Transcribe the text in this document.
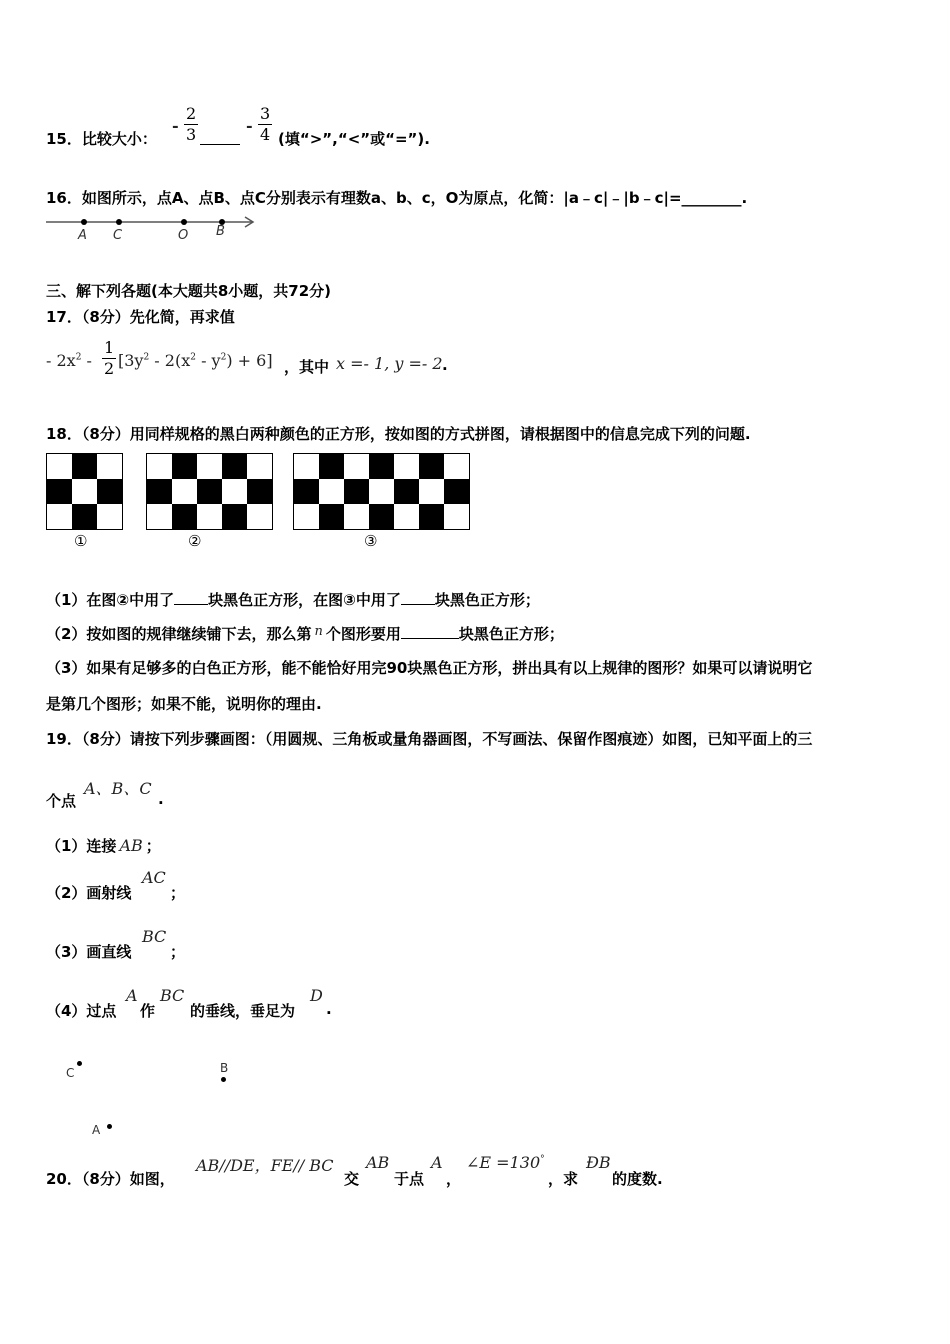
15．比较大小：
- $\frac{2}{3}$	- $\frac{3}{4}$ (填“>”,“<”或“=”).
16．如图所示，点A、点B、点C分别表示有理数a、b、c，O为原点，化简：|a﹣c|﹣|b﹣c|=________.
A C	O B
三、解下列各题(本大题共8小题，共72分)
17．（8分）先化简，再求值
- $2x^2 - \frac{1}{2} [3y^2 - 2(x^2 - y^2) + 6]$ ，其中 x =- 1, y =- 2 .
18．（8分）用同样规格的黑白两种颜色的正方形，按如图的方式拼图，请根据图中的信息完成下列的问题.
①	②	③
（1）在图②中用了 块黑色正方形，在图③中用了 块黑色正方形；
（2）按如图的规律继续铺下去，那么第 n 个图形要用	块黑色正方形；
（3）如果有足够多的白色正方形，能不能恰好用完90块黑色正方形，拼出具有以上规律的图形？如果可以请说明它
是第几个图形；如果不能，说明你的理由.
19．（8分）请按下列步骤画图：（用圆规、三角板或量角器画图，不写画法、保留作图痕迹）如图，已知平面上的三
个点
A、B、C
.
（1）连接 AB ；
（2）画射线
AC
；
（3）画直线
BC
；
（4）过点
A
作
BC
的垂线，垂足为
D
.
C	B
A
20．（8分）如图，
AB//DE，FE// BC
交
AB
于点
A
，
∠E =130°
，求
ÐB
的度数.
